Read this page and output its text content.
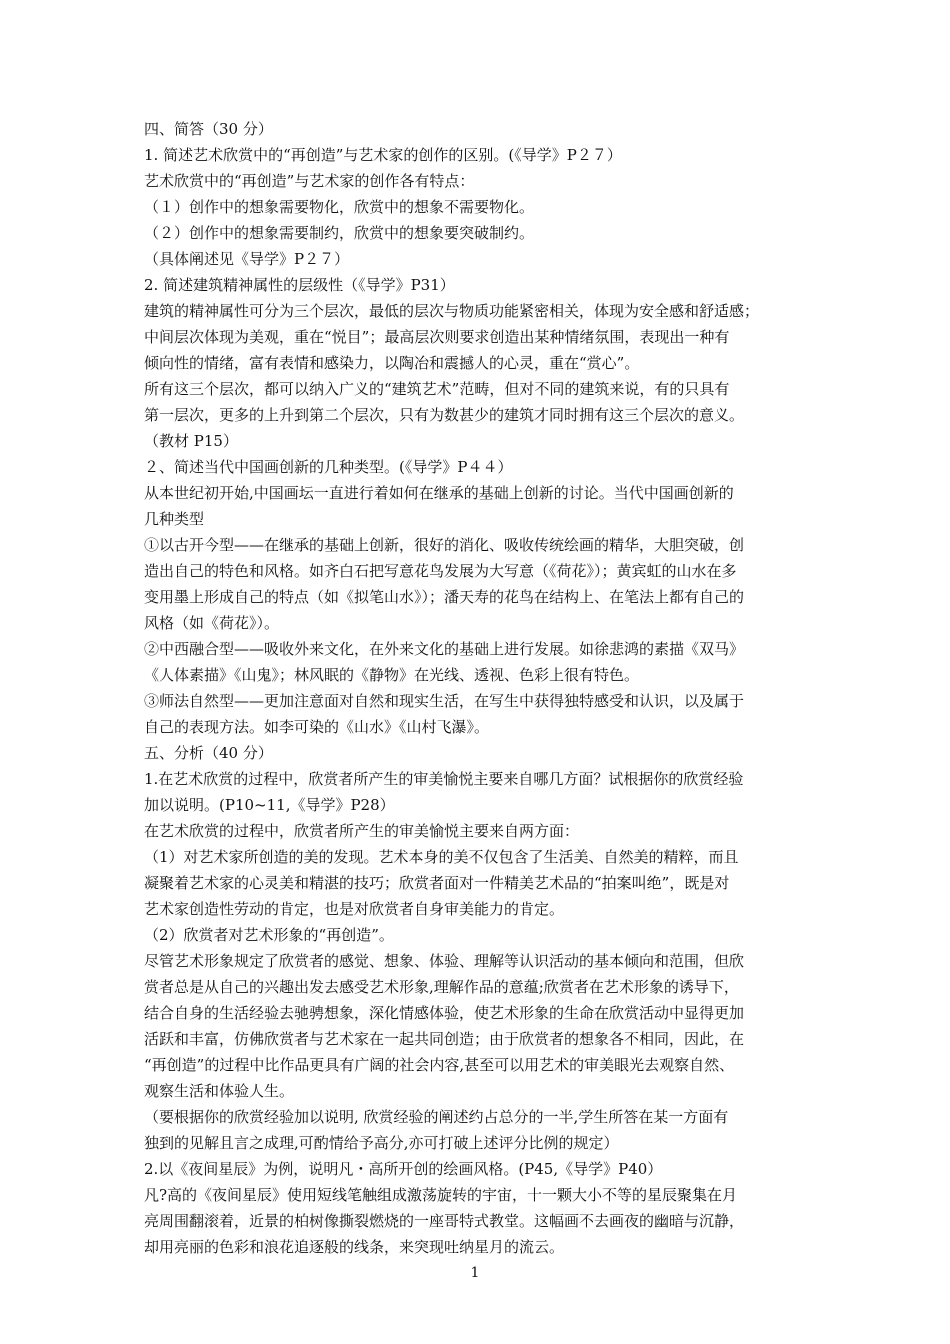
四、简答（30 分）
1. 简述艺术欣赏中的“再创造”与艺术家的创作的区别。(《导学》P２７）
艺术欣赏中的“再创造”与艺术家的创作各有特点：
（１）创作中的想象需要物化，欣赏中的想象不需要物化。
（２）创作中的想象需要制约，欣赏中的想象要突破制约。
（具体阐述见《导学》P２７）
2. 简述建筑精神属性的层级性（《导学》P31）
建筑的精神属性可分为三个层次，最低的层次与物质功能紧密相关，体现为安全感和舒适感；
中间层次体现为美观，重在“悦目”；最高层次则要求创造出某种情绪氛围，表现出一种有
倾向性的情绪，富有表情和感染力，以陶冶和震撼人的心灵，重在“赏心”。
所有这三个层次，都可以纳入广义的“建筑艺术”范畴，但对不同的建筑来说，有的只具有
第一层次，更多的上升到第二个层次，只有为数甚少的建筑才同时拥有这三个层次的意义。
（教材 P15）
２、简述当代中国画创新的几种类型。(《导学》P４４）
从本世纪初开始,中国画坛一直进行着如何在继承的基础上创新的讨论。当代中国画创新的
几种类型
①以古开今型——在继承的基础上创新，很好的消化、吸收传统绘画的精华，大胆突破，创
造出自己的特色和风格。如齐白石把写意花鸟发展为大写意（《荷花》）；黄宾虹的山水在多
变用墨上形成自己的特点（如《拟笔山水》）；潘天寿的花鸟在结构上、在笔法上都有自己的
风格（如《荷花》）。
②中西融合型——吸收外来文化，在外来文化的基础上进行发展。如徐悲鸿的素描《双马》
《人体素描》《山鬼》；林风眠的《静物》在光线、透视、色彩上很有特色。
③师法自然型——更加注意面对自然和现实生活，在写生中获得独特感受和认识，以及属于
自己的表现方法。如李可染的《山水》《山村飞瀑》。
五、分析（40 分）
1.在艺术欣赏的过程中，欣赏者所产生的审美愉悦主要来自哪几方面？试根据你的欣赏经验
加以说明。(P10~11,《导学》P28）
在艺术欣赏的过程中，欣赏者所产生的审美愉悦主要来自两方面：
（1）对艺术家所创造的美的发现。艺术本身的美不仅包含了生活美、自然美的精粹，而且
凝聚着艺术家的心灵美和精湛的技巧；欣赏者面对一件精美艺术品的“拍案叫绝”，既是对
艺术家创造性劳动的肯定，也是对欣赏者自身审美能力的肯定。
（2）欣赏者对艺术形象的“再创造”。
尽管艺术形象规定了欣赏者的感觉、想象、体验、理解等认识活动的基本倾向和范围，但欣
赏者总是从自己的兴趣出发去感受艺术形象,理解作品的意蕴;欣赏者在艺术形象的诱导下，
结合自身的生活经验去驰骋想象，深化情感体验，使艺术形象的生命在欣赏活动中显得更加
活跃和丰富，仿佛欣赏者与艺术家在一起共同创造；由于欣赏者的想象各不相同，因此，在
“再创造”的过程中比作品更具有广阔的社会内容,甚至可以用艺术的审美眼光去观察自然、
观察生活和体验人生。
（要根据你的欣赏经验加以说明, 欣赏经验的阐述约占总分的一半,学生所答在某一方面有
独到的见解且言之成理,可酌情给予高分,亦可打破上述评分比例的规定）
2.以《夜间星辰》为例，说明凡・高所开创的绘画风格。(P45,《导学》P40）
凡?高的《夜间星辰》使用短线笔触组成激荡旋转的宇宙，十一颗大小不等的星辰聚集在月
亮周围翻滚着，近景的柏树像撕裂燃烧的一座哥特式教堂。这幅画不去画夜的幽暗与沉静，
却用亮丽的色彩和浪花追逐般的线条，来突现吐纳星月的流云。
1
